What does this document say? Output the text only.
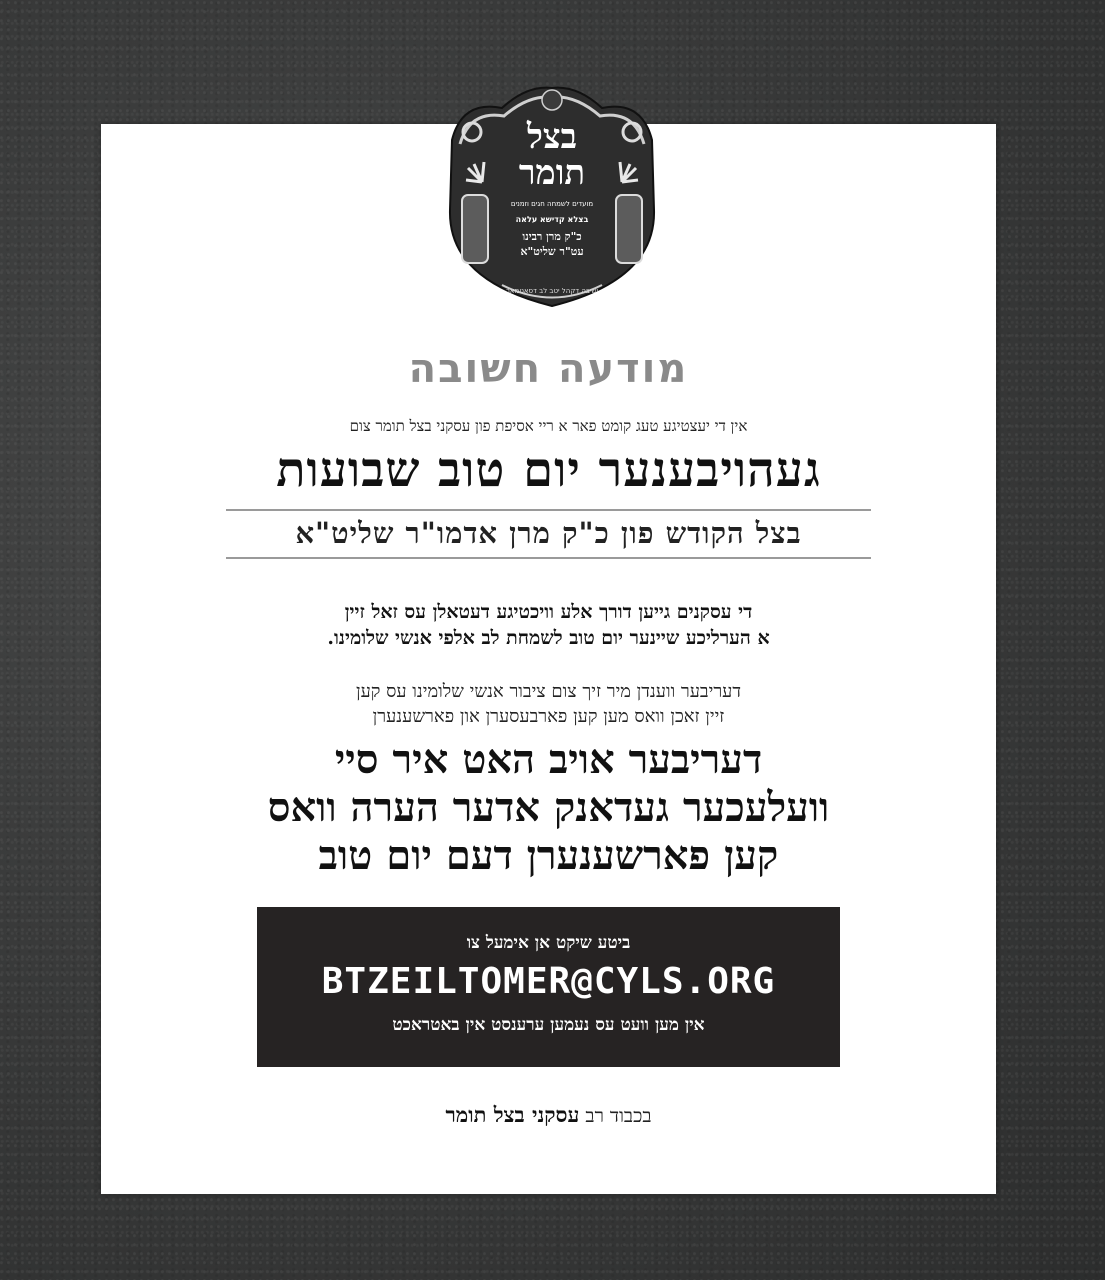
בצל
תומר
מועדים לשמחה חגים וזמנים
בצלא קדישא עלאה
כ"ק מרן רבינו
עט"ר שליט"א
ישיבה דקהל יטב לב דסאטמאר
מודעה חשובה
אין די יעצטיגע טעג קומט פאר א ריי אסיפת פון עסקני בצל תומר צום
געהויבענער יום טוב שבועות
בצל הקודש פון כ"ק מרן אדמו"ר שליט"א
די עסקנים גייען דורך אלע וויכטיגע דעטאלן עס זאל זיין
א הערליכע שיינער יום טוב לשמחת לב אלפי אנשי שלומינו.
דעריבער ווענדן מיר זיך צום ציבור אנשי שלומינו עס קען
זיין זאכן וואס מען קען פארבעסערן און פארשענערן
דעריבער אויב האט איר סיי
וועלעכער געדאנק אדער הערה וואס
קען פארשענערן דעם יום טוב
ביטע שיקט אן אימעל צו
BTZEILTOMER@CYLS.ORG
אין מען וועט עס נעמען ערענסט אין באטראכט
בכבוד רב עסקני בצל תומר
